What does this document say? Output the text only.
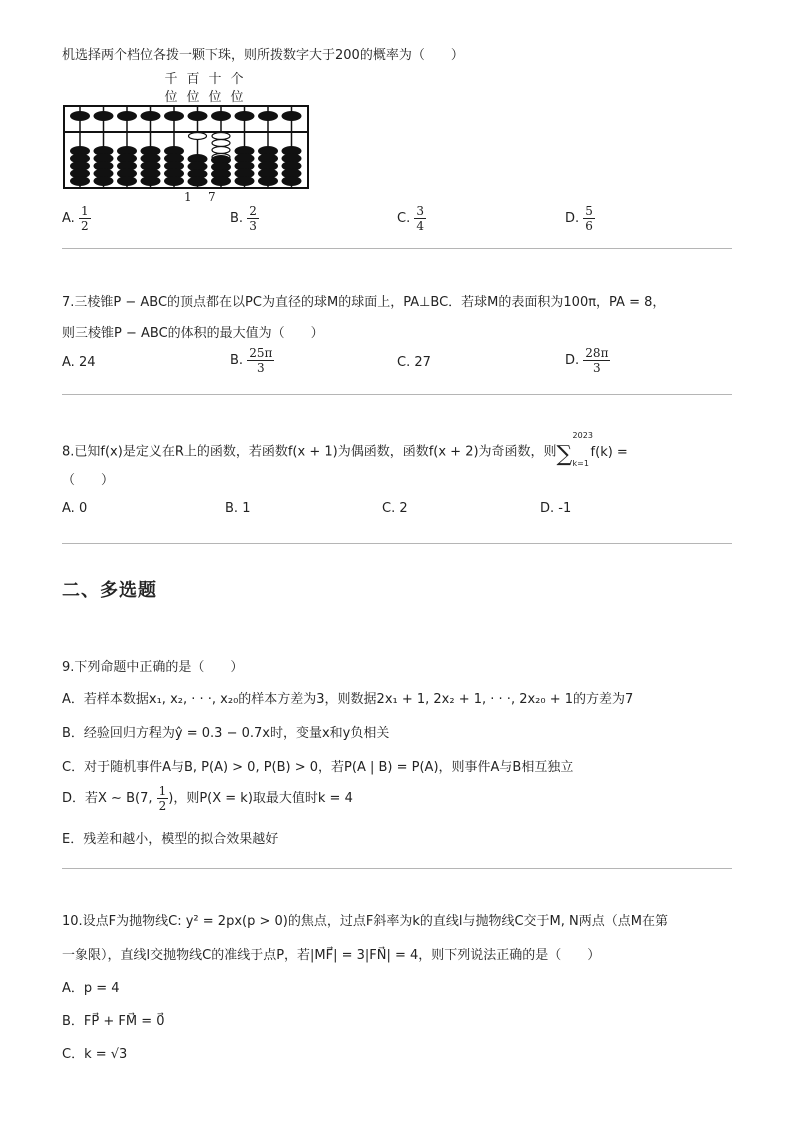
机选择两个档位各拨一颗下珠，则所拨数字大于200的概率为（　　）
千 百 十 个
位 位 位 位
1 7
A. $\frac{1}{2}$	B. $\frac{2}{3}$	C. $\frac{3}{4}$	D. $\frac{5}{6}$
7.三棱锥P − ABC的顶点都在以PC为直径的球M的球面上，PA⊥BC．若球M的表面积为100π，PA = 8，
则三棱锥P − ABC的体积的最大值为（　　）
A. 24	B. $\frac{25\pi}{3}$	C. 27	D. $\frac{28\pi}{3}$
8.已知f(x)是定义在R上的函数，若函数f(x + 1)为偶函数，函数f(x + 2)为奇函数，则 ∑
2023
k=1
f(k) =
（　　）
A. 0	B. 1	C. 2	D. -1
二、多选题
9.下列命题中正确的是（　　）
A．若样本数据x₁, x₂, · · ·, x₂₀的样本方差为3，则数据2x₁ + 1, 2x₂ + 1, · · ·, 2x₂₀ + 1的方差为7
B．经验回归方程为ŷ = 0.3 − 0.7x时，变量x和y负相关
C．对于随机事件A与B, P(A) > 0, P(B) > 0，若P(A | B) = P(A)，则事件A与B相互独立
D．若X ∼ B(7, $\frac{1}{2}$ )，则P(X = k)取最大值时k = 4
E．残差和越小，模型的拟合效果越好
10.设点F为抛物线C: y² = 2px(p > 0)的焦点，过点F斜率为k的直线l与抛物线C交于M, N两点（点M在第
一象限），直线l交抛物线C的准线于点P，若|MF⃗| = 3|FN⃗| = 4，则下列说法正确的是（　　）
A．p = 4
B．FP⃗ + FM⃗ = 0⃗
C．k = √3
